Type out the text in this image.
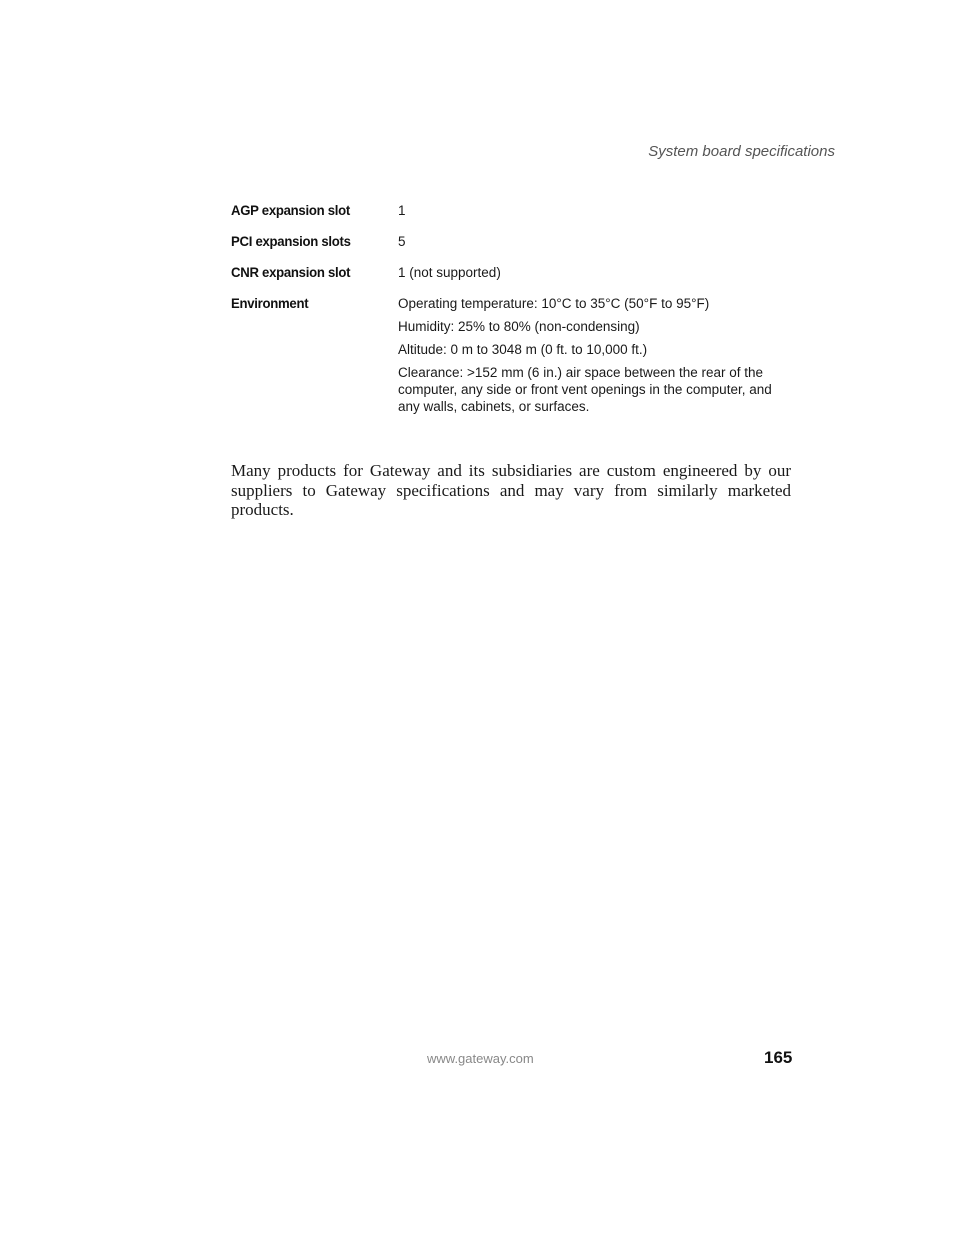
System board specifications
AGP expansion slot	1
PCI expansion slots	5
CNR expansion slot	1 (not supported)
Environment	Operating temperature: 10°C to 35°C (50°F to 95°F)
Humidity: 25% to 80% (non-condensing)
Altitude: 0 m to 3048 m (0 ft. to 10,000 ft.)
Clearance: >152 mm (6 in.) air space between the rear of the computer, any side or front vent openings in the computer, and any walls, cabinets, or surfaces.

Many products for Gateway and its subsidiaries are custom engineered by our suppliers to Gateway specifications and may vary from similarly marketed products.

www.gateway.com	165
